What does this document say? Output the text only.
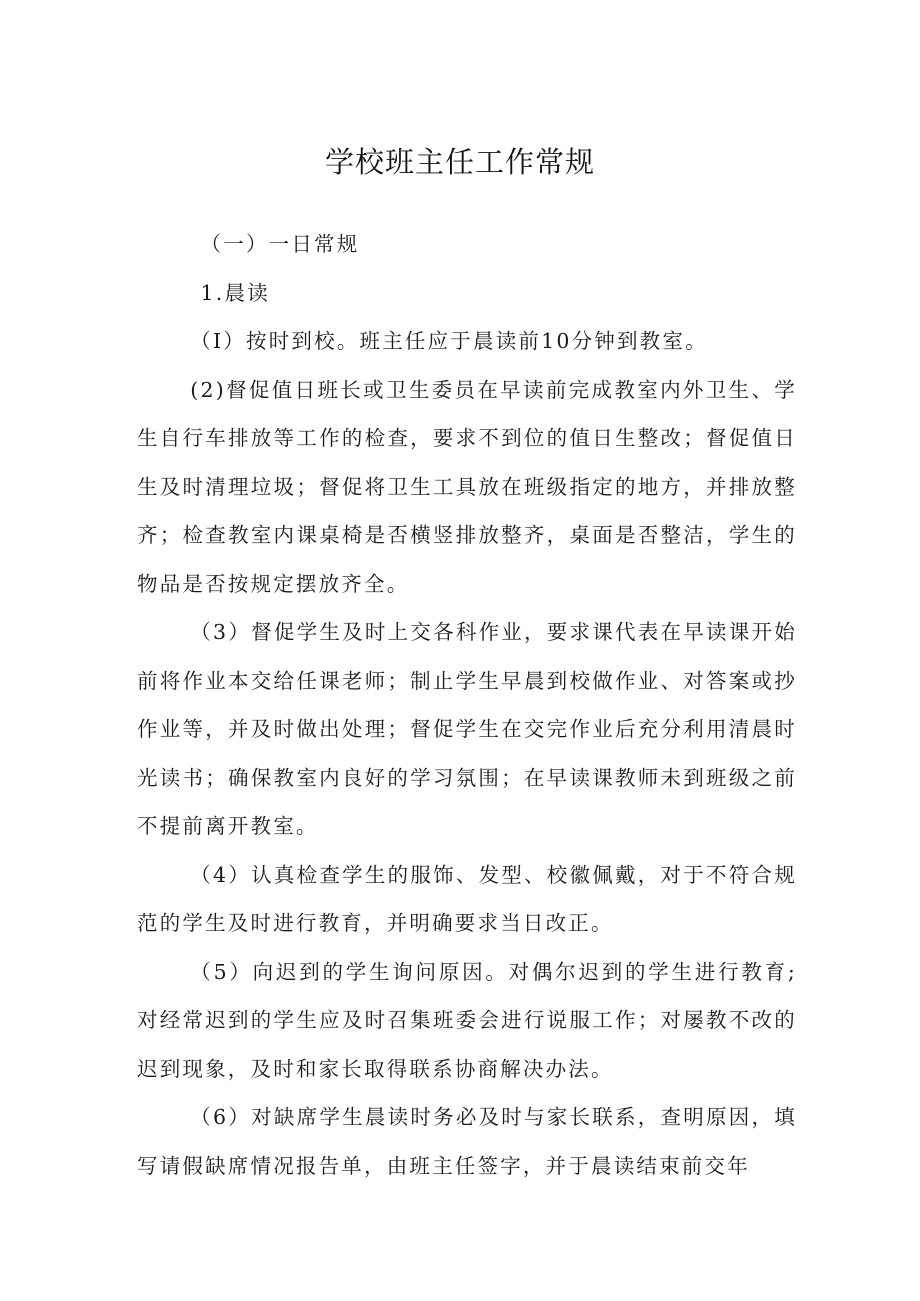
学校班主任工作常规

（一）一日常规

1.晨读

（I）按时到校。班主任应于晨读前10分钟到教室。

(2)督促值日班长或卫生委员在早读前完成教室内外卫生、学生自行车排放等工作的检查，要求不到位的值日生整改；督促值日生及时清理垃圾；督促将卫生工具放在班级指定的地方，并排放整齐；检查教室内课桌椅是否横竖排放整齐，桌面是否整洁，学生的物品是否按规定摆放齐全。

（3）督促学生及时上交各科作业，要求课代表在早读课开始前将作业本交给任课老师；制止学生早晨到校做作业、对答案或抄作业等，并及时做出处理；督促学生在交完作业后充分利用清晨时光读书；确保教室内良好的学习氛围；在早读课教师未到班级之前不提前离开教室。

（4）认真检查学生的服饰、发型、校徽佩戴，对于不符合规范的学生及时进行教育，并明确要求当日改正。

（5）向迟到的学生询问原因。对偶尔迟到的学生进行教育;对经常迟到的学生应及时召集班委会进行说服工作；对屡教不改的迟到现象，及时和家长取得联系协商解决办法。

（6）对缺席学生晨读时务必及时与家长联系，查明原因，填写请假缺席情况报告单，由班主任签字，并于晨读结束前交年
